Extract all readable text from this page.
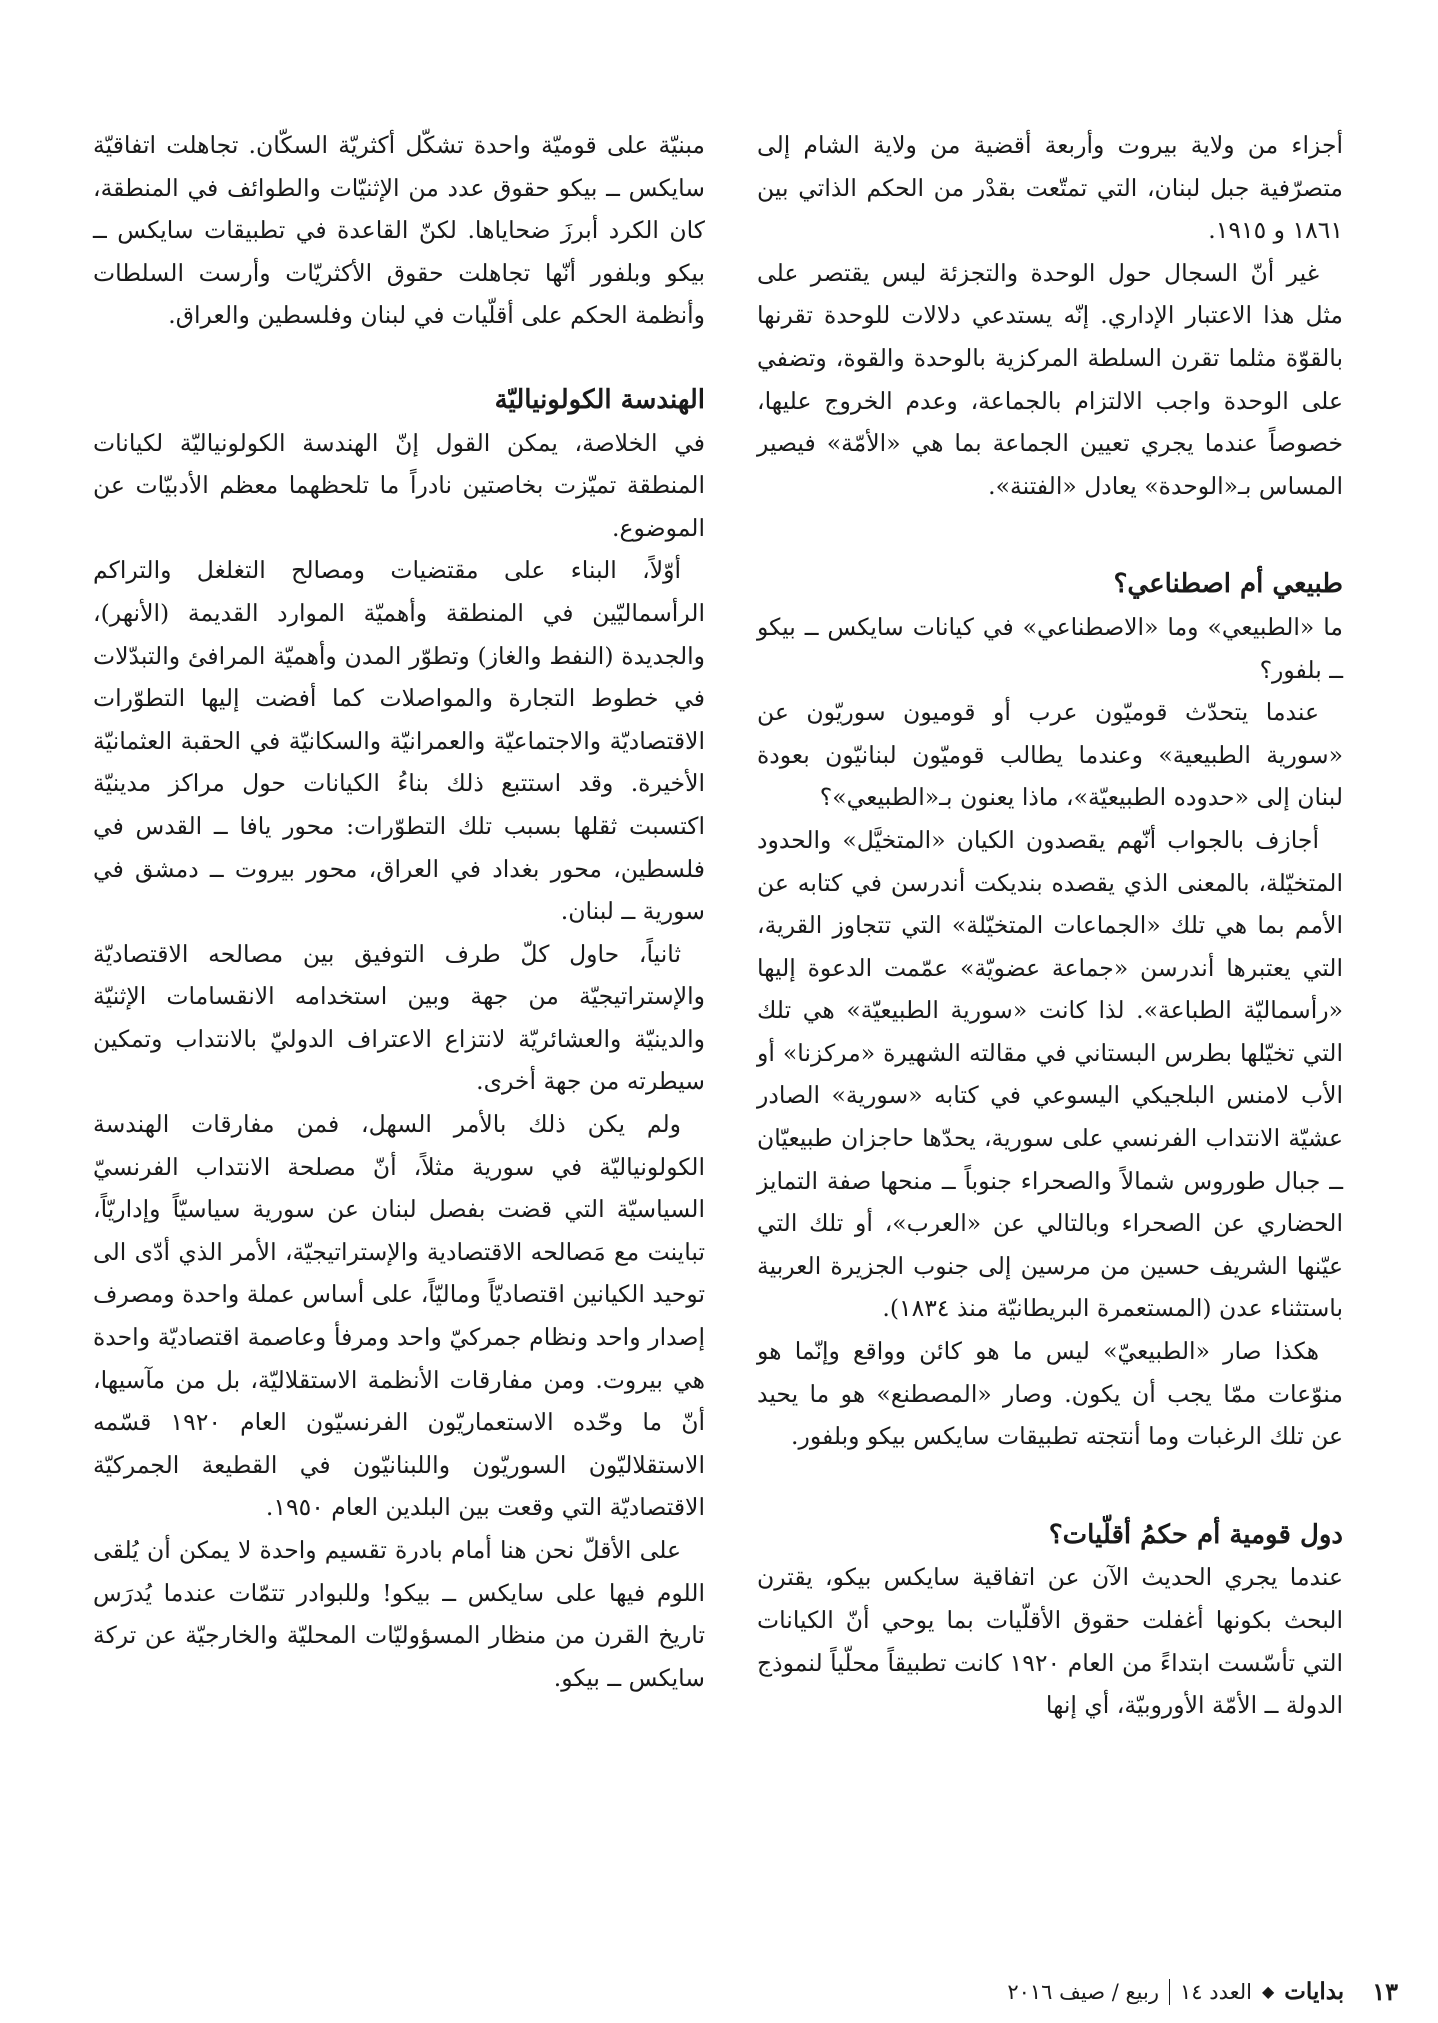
أجزاء من ولاية بيروت وأربعة أقضية من ولاية الشام إلى متصرّفية جبل لبنان، التي تمتّعت بقدْر من الحكم الذاتي بين ١٨٦١ و ١٩١٥.

غير أنّ السجال حول الوحدة والتجزئة ليس يقتصر على مثل هذا الاعتبار الإداري. إنّه يستدعي دلالات للوحدة تقرنها بالقوّة مثلما تقرن السلطة المركزية بالوحدة والقوة، وتضفي على الوحدة واجب الالتزام بالجماعة، وعدم الخروج عليها، خصوصاً عندما يجري تعيين الجماعة بما هي «الأمّة» فيصير المساس بـ«الوحدة» يعادل «الفتنة».

طبيعي أم اصطناعي؟

ما «الطبيعي» وما «الاصطناعي» في كيانات سايكس ــ بيكو ــ بلفور؟

عندما يتحدّث قوميّون عرب أو قوميون سوريّون عن «سورية الطبيعية» وعندما يطالب قوميّون لبنانيّون بعودة لبنان إلى «حدوده الطبيعيّة»، ماذا يعنون بـ«الطبيعي»؟

أجازف بالجواب أنّهم يقصدون الكيان «المتخيَّل» والحدود المتخيّلة، بالمعنى الذي يقصده بنديكت أندرسن في كتابه عن الأمم بما هي تلك «الجماعات المتخيّلة» التي تتجاوز القرية، التي يعتبرها أندرسن «جماعة عضويّة» عمّمت الدعوة إليها «رأسماليّة الطباعة». لذا كانت «سورية الطبيعيّة» هي تلك التي تخيّلها بطرس البستاني في مقالته الشهيرة «مركزنا» أو الأب لامنس البلجيكي اليسوعي في كتابه «سورية» الصادر عشيّة الانتداب الفرنسي على سورية، يحدّها حاجزان طبيعيّان ــ جبال طوروس شمالاً والصحراء جنوباً ــ منحها صفة التمايز الحضاري عن الصحراء وبالتالي عن «العرب»، أو تلك التي عيّنها الشريف حسين من مرسين إلى جنوب الجزيرة العربية باستثناء عدن (المستعمرة البريطانيّة منذ ١٨٣٤).

هكذا صار «الطبيعيّ» ليس ما هو كائن وواقع وإنّما هو منوّعات ممّا يجب أن يكون. وصار «المصطنع» هو ما يحيد عن تلك الرغبات وما أنتجته تطبيقات سايكس بيكو وبلفور.

دول قومية أم حكمُ أقلّيات؟

عندما يجري الحديث الآن عن اتفاقية سايكس بيكو، يقترن البحث بكونها أغفلت حقوق الأقلّيات بما يوحي أنّ الكيانات التي تأسّست ابتداءً من العام ١٩٢٠ كانت تطبيقاً محلّياً لنموذج الدولة ــ الأمّة الأوروبيّة، أي إنها

مبنيّة على قوميّة واحدة تشكّل أكثريّة السكّان. تجاهلت اتفاقيّة سايكس ــ بيكو حقوق عدد من الإثنيّات والطوائف في المنطقة، كان الكرد أبرزَ ضحاياها. لكنّ القاعدة في تطبيقات سايكس ــ بيكو وبلفور أنّها تجاهلت حقوق الأكثريّات وأرست السلطات وأنظمة الحكم على أقلّيات في لبنان وفلسطين والعراق.

الهندسة الكولونياليّة

في الخلاصة، يمكن القول إنّ الهندسة الكولونياليّة لكيانات المنطقة تميّزت بخاصتين نادراً ما تلحظهما معظم الأدبيّات عن الموضوع.

أوّلاً، البناء على مقتضيات ومصالح التغلغل والتراكم الرأسماليّين في المنطقة وأهميّة الموارد القديمة (الأنهر)، والجديدة (النفط والغاز) وتطوّر المدن وأهميّة المرافئ والتبدّلات في خطوط التجارة والمواصلات كما أفضت إليها التطوّرات الاقتصاديّة والاجتماعيّة والعمرانيّة والسكانيّة في الحقبة العثمانيّة الأخيرة. وقد استتبع ذلك بناءُ الكيانات حول مراكز مدينيّة اكتسبت ثقلها بسبب تلك التطوّرات: محور يافا ــ القدس في فلسطين، محور بغداد في العراق، محور بيروت ــ دمشق في سورية ــ لبنان.

ثانياً، حاول كلّ طرف التوفيق بين مصالحه الاقتصاديّة والإستراتيجيّة من جهة وبين استخدامه الانقسامات الإثنيّة والدينيّة والعشائريّة لانتزاع الاعتراف الدوليّ بالانتداب وتمكين سيطرته من جهة أخرى.

ولم يكن ذلك بالأمر السهل، فمن مفارقات الهندسة الكولونياليّة في سورية مثلاً، أنّ مصلحة الانتداب الفرنسيّ السياسيّة التي قضت بفصل لبنان عن سورية سياسيّاً وإداريّاً، تباينت مع مَصالحه الاقتصادية والإستراتيجيّة، الأمر الذي أدّى الى توحيد الكيانين اقتصاديّاً وماليّاً، على أساس عملة واحدة ومصرف إصدار واحد ونظام جمركيّ واحد ومرفأ وعاصمة اقتصاديّة واحدة هي بيروت. ومن مفارقات الأنظمة الاستقلاليّة، بل من مآسيها، أنّ ما وحّده الاستعماريّون الفرنسيّون العام ١٩٢٠ قسّمه الاستقلاليّون السوريّون واللبنانيّون في القطيعة الجمركيّة الاقتصاديّة التي وقعت بين البلدين العام ١٩٥٠.

على الأقلّ نحن هنا أمام بادرة تقسيم واحدة لا يمكن أن يُلقى اللوم فيها على سايكس ــ بيكو! وللبوادر تتمّات عندما يُدرَس تاريخ القرن من منظار المسؤوليّات المحليّة والخارجيّة عن تركة سايكس ــ بيكو.

١٣
بدايات
◆
العدد ١٤
ربيع / صيف ٢٠١٦
